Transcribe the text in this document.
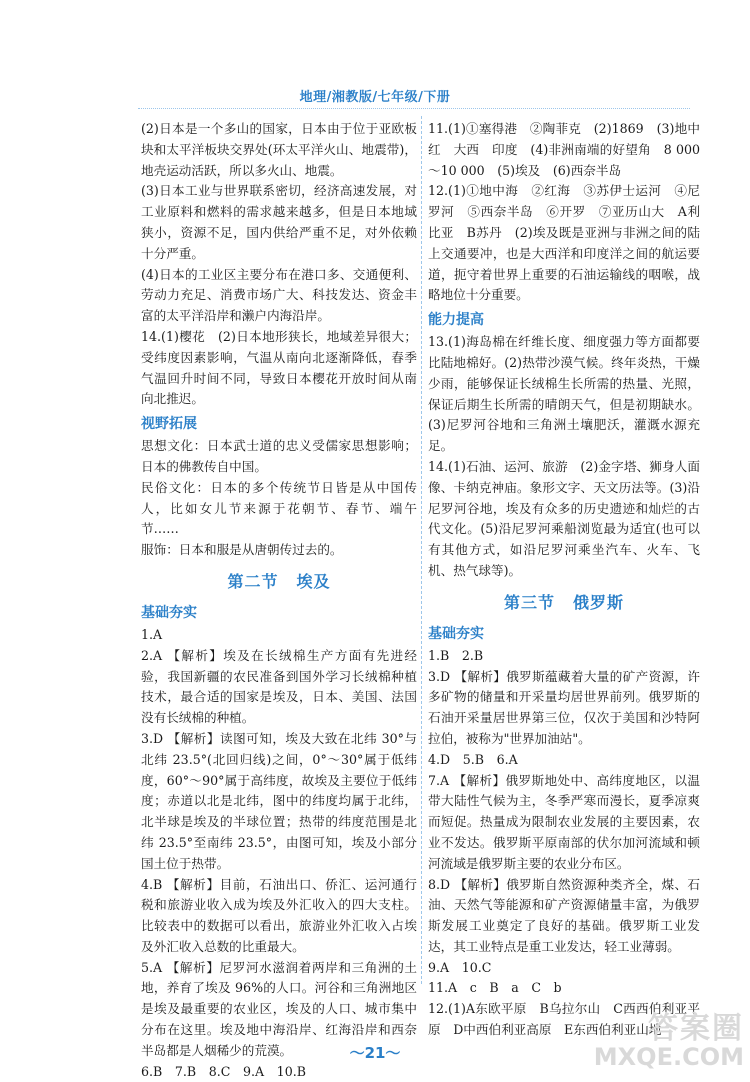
地理/湘教版/七年级/下册

(2)日本是一个多山的国家，日本由于位于亚欧板块和太平洋板块交界处(环太平洋火山、地震带)，地壳运动活跃，所以多火山、地震。

(3)日本工业与世界联系密切，经济高速发展，对工业原料和燃料的需求越来越多，但是日本地域狭小，资源不足，国内供给严重不足，对外依赖十分严重。

(4)日本的工业区主要分布在港口多、交通便利、劳动力充足、消费市场广大、科技发达、资金丰富的太平洋沿岸和濑户内海沿岸。

14.(1)樱花　(2)日本地形狭长，地域差异很大；受纬度因素影响，气温从南向北逐渐降低，春季气温回升时间不同，导致日本樱花开放时间从南向北推迟。

视野拓展

思想文化：日本武士道的忠义受儒家思想影响；日本的佛教传自中国。

民俗文化：日本的多个传统节日皆是从中国传人，比如女儿节来源于花朝节、春节、端午节……

服饰：日本和服是从唐朝传过去的。

第二节 埃及
基础夯实

1.A

2.A 【解析】埃及在长绒棉生产方面有先进经验，我国新疆的农民准备到国外学习长绒棉种植技术，最合适的国家是埃及，日本、美国、法国没有长绒棉的种植。

3.D 【解析】读图可知，埃及大致在北纬 30°与北纬 23.5°(北回归线)之间，0°～30°属于低纬度，60°～90°属于高纬度，故埃及主要位于低纬度；赤道以北是北纬，图中的纬度均属于北纬，北半球是埃及的半球位置；热带的纬度范围是北纬 23.5°至南纬 23.5°，由图可知，埃及小部分国土位于热带。

4.B 【解析】目前，石油出口、侨汇、运河通行税和旅游业收入成为埃及外汇收入的四大支柱。比较表中的数据可以看出，旅游业外汇收入占埃及外汇收入总数的比重最大。

5.A 【解析】尼罗河水滋润着两岸和三角洲的土地，养育了埃及 96%的人口。河谷和三角洲地区是埃及最重要的农业区，埃及的人口、城市集中分布在这里。埃及地中海沿岸、红海沿岸和西奈半岛都是人烟稀少的荒漠。

6.B　7.B　8.C　9.A　10.B

11.(1)①塞得港　②陶菲克　(2)1869　(3)地中　红　大西　印度　(4)非洲南端的好望角　8 000～10 000　(5)埃及　(6)西奈半岛

12.(1)①地中海　②红海　③苏伊士运河　④尼罗河　⑤西奈半岛　⑥开罗　⑦亚历山大　A利比亚　B苏丹　(2)埃及既是亚洲与非洲之间的陆上交通要冲，也是大西洋和印度洋之间的航运要道，扼守着世界上重要的石油运输线的咽喉，战略地位十分重要。

能力提高

13.(1)海岛棉在纤维长度、细度强力等方面都要比陆地棉好。(2)热带沙漠气候。终年炎热，干燥少雨，能够保证长绒棉生长所需的热量、光照，保证后期生长所需的晴朗天气，但是初期缺水。(3)尼罗河谷地和三角洲土壤肥沃，灌溉水源充足。

14.(1)石油、运河、旅游　(2)金字塔、狮身人面像、卡纳克神庙。象形文字、天文历法等。(3)沿尼罗河谷地，埃及有众多的历史遗迹和灿烂的古代文化。(5)沿尼罗河乘船浏览最为适宜(也可以有其他方式，如沿尼罗河乘坐汽车、火车、飞机、热气球等)。

第三节 俄罗斯
基础夯实

1.B　2.B

3.D 【解析】俄罗斯蕴藏着大量的矿产资源，许多矿物的储量和开采量均居世界前列。俄罗斯的石油开采量居世界第三位，仅次于美国和沙特阿拉伯，被称为"世界加油站"。

4.D　5.B　6.A

7.A 【解析】俄罗斯地处中、高纬度地区，以温带大陆性气候为主，冬季严寒而漫长，夏季凉爽而短促。热量成为限制农业发展的主要因素，农业不发达。俄罗斯平原南部的伏尔加河流域和顿河流域是俄罗斯主要的农业分布区。

8.D 【解析】俄罗斯自然资源种类齐全，煤、石油、天然气等能源和矿产资源储量丰富，为俄罗斯发展工业奠定了良好的基础。俄罗斯工业发达，其工业特点是重工业发达，轻工业薄弱。

9.A　10.C

11.A　c　B　a　C　b

12.(1)A东欧平原　B乌拉尔山　C西西伯利亚平原　D中西伯利亚高原　E东西伯利亚山地

～21～
答案圈
MXQE.COM
